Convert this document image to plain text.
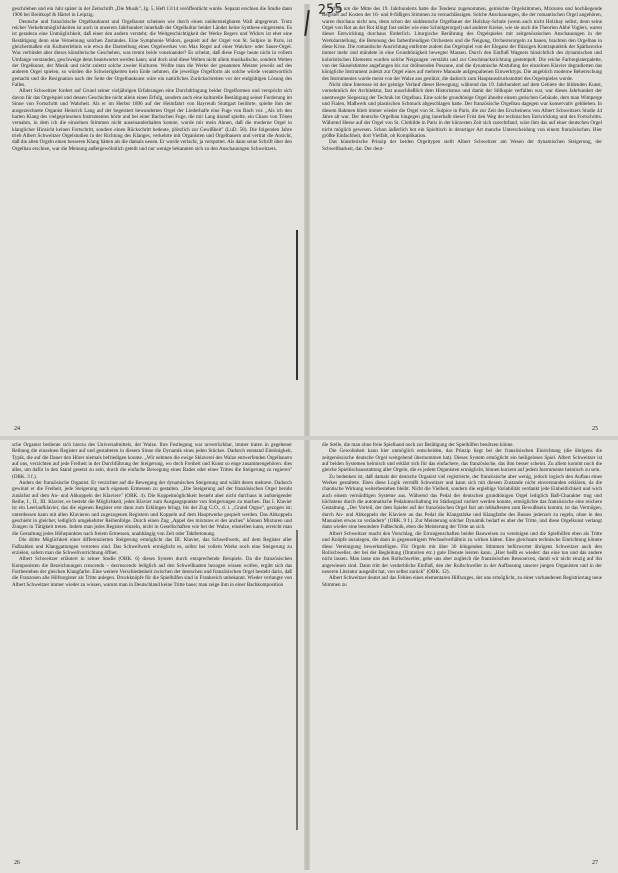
geschrieben und ein Jahr später in der Zeitschrift „Die Musik", Jg. 5, Heft 13/14 veröffentlicht wurde. Separat erschien die Studie dann 1906 bei Breitkopf & Härtel in Leipzig.

Deutsche und französische Orgelbaukunst und Orgelkunst scheinen wie durch einen unübersteigbaren Wall abgegrenzt. Trotz reicher Verkehrsmöglichkeiten ist auch in unserem Jahrhundert innerhalb der Orgelkultur beider Länder keine Synthese eingetreten. Es ist geradezu eine Unmöglichkeit, daß einer den andern versteht; die Weitgeschichtigkeit der Werke Regers und Widors ist eher eine Bestätigung denn eine Verneinung solchen Zustandes. Eine Symphonie Widors, gespielt auf der Orgel von St. Sulpice in Paris, ist gleichermaßen ein Kulturerlebnis wie etwa die Darstellung eines Orgelwerkes von Max Reger auf einer Walcker- oder Sauer-Orgel. Was verbindet aber dieses künstlerische Geschehen, was trennt beide voneinander? Es scheint, daß diese Frage heute nicht in vollem Umfange verstanden, geschweige denn beantwortet werden kann; und doch sind diese Welten nicht allein musikalische, sondern Welten der Orgelkunst, der Musik und nicht zuletzt solche zweier Kulturen. Wollte man die Werke der genannten Meister jeweils auf des anderen Orgel spielen, so würden die Schwierigkeiten kein Ende nehmen, die jeweilige Orgelform als solche würde verantwortlich gemacht und die Resignation nach der Seite der Orgelbaukunst wäre ein natürliches Zurückschreiten vor der endgültigen Lösung des Falles.

Albert Schweitzer fordert auf Grund seiner vieljährigen Erfahrungen eine Durchdringung beider Orgelformen und verspricht sich davon für das Orgelspiel und dessen Geschichte nicht allein einen Erfolg, sondern auch eine kulturelle Bestätigung seiner Forderung im Sinne von Fortschritt und Wahrheit. Als er im Herbst 1896 auf der Heimfahrt von Bayreuth Stuttgart berührte, spielte ihm der ausgezeichnete Organist Heinrich Lang auf der begeistert bewunderten Orgel der Liederhalle eine Fuge von Bach vor. „Als ich den harten Klang des vielgepriesenen Instrumentes hörte und bei einer Bachschen Fuge, die mir Lang darauf spielte, ein Chaos von Tönen vernahm, in dem ich die einzelnen Stimmen nicht auseinanderhalten konnte, wurde mir mein Ahnen, daß die moderne Orgel in klanglicher Hinsicht keinen Fortschritt, sondern einen Rückschritt bedeute, plötzlich zur Gewißheit" (LuD. 58). Die folgenden Jahre trieb Albert Schweitzer Orgelstudien in der Richtung des Klanges, verkehrte mit Organisten und Orgelbauern und vertrat die Ansicht, daß die alten Orgeln einen besseren Klang hätten als die damals neuen. Er wurde verlacht, ja verspottet. Als dann seine Schrift über den Orgelbau erschien, war die Meinung außergewöhnlich geteilt und nur wenige bekannten sich zu den Anschauungen Schweitzers.

24

Schon um die Mitte des 19. Jahrhunderts hatte die Tendenz zugenommen, gemischte Orgelstimmen, Mixturen und hochliegende Register auf Kosten der 16- und 8-füßigen Stimmen zu vernachlässigen. Solche Anschauungen, die der romantischen Orgel angehören, waren durchaus nicht neu, denn schon der süddeutsche Orgelbauer der Holzhay-Schule (wenn auch nicht Holzhay selbst, denn seine Orgel von Rot an der Rot klingt fast steiler wie eine Schnitgerorgel) und anderer Kreise, wie sie auch die Theorien Abbé Voglers, waren dieser Entwicklung durchaus förderlich. Liturgische Berührung des Orgelspieles mit zeitgenössischen Anschauungen in der Werkdarstellung, die Betonung des farbenfreudigen Orchesters und die Neigung, Orchesterorgeln zu bauen, brachten den Orgelbau in diese Krise. Die romantische Ausrichtung entfernte zudem das Orgelspiel von der Eleganz der flüssigen Kontrapunktik der Spätbarocke immer mehr und mündete in eine Grundtönigkeit bewegter Massen. Durch den Einfluß Wagners hinsichtlich des dynamischen und koloristischen Elements wurden solche Neigungen verstärkt und zur Geschmacksrichtung gestempelt. Die reiche Farbregisterpalette, von der Säuselstimme angefangen bis zur dröhnenden Posaune, und die dynamische Abstufung der einzelnen Klavier degradierten das königliche Instrument zuletzt zur Orgel eines auf mehrere Manuale aufgespaltenen Einwerktyps. Die angeblich moderne Beherrschung des Instrumentes wurde meist von der Walze aus gestützt, die dadurch zum Hauptausdrucksmittel des Orgelspieles wurde.

Nicht ohne Interesse ist der geistige Verlauf dieser Bewegung; während das 19. Jahrhundert auf dem Gebiete der bildenden Kunst, vornehmlich der Architektur, fast ausschließlich dem Historismus und damit der Stilkopie verfallen war, war dieses Jahrhundert der unentwegte Siegeszug der Technik im Orgelbau. Eine solche grundtönige Orgel ähnelte einem gotischen Gebäude, dem man Wimperge und Fialen, Maßwerk und plastischen Schmuck abgeschlagen hatte. Der französische Orgelbau dagegen war konservativ geblieben. In diesem Rahmen blieb immer wieder die Orgel von St. Sulpice in Paris, die zur Zeit des Erscheinens von Albert Schweitzers Studie 44 Jahre alt war. Der deutsche Orgelbau hingegen ging innerhalb dieser Frist den Weg der technischen Entwicklung und des Fortschritts. Während Hesse auf der Orgel von St. Clothilde in Paris in der kürzesten Zeit sich zurechtfand, wäre ihm das auf einer deutschen Orgel nicht möglich gewesen. Schon äußerlich bot ein Spieltisch in derartiger Art manche Unterscheidung von einem französischen. Hier größte Einfachheit, dort Vielfalt, ob Komplikation.

Das künstlerische Prinzip der beiden Orgeltypen stellt Albert Schweitzer am Wesen der dynamischen Steigerung, der Schwellbarkeit, dar. Der deut-

25
255

sche Organist bediente sich hierzu des Universalmittels, der Walze. Ihre Festlegung war unverrückbar, immer traten in gegebener Reihung die einzelnen Register auf und gestalteten in diesem Sinne die Dynamik eines jeden Stückes. Dadurch entstand Eintönigkeit, Typik, die auf die Dauer den Hörer niemals befriedigen konnte. „Wir nehmen die ewige Sklaverei des Walze entwerfenden Orgelbauers auf uns, verzichten auf jede Freiheit in der Durchführung der Steigerung, wo doch Freiheit und Kunst so enge zusammengehören: dies alles, um dafür in den Stand gesetzt zu sein, durch die einfache Bewegung eines Rades oder eines Trittes die Steigerung zu regieren" (OBK. 3 f.).

Anders der französische Organist. Er verzichtet auf die Bewegung der dynamischen Steigerung und wählt deren mehrere. Dadurch gewinnt er die Freiheit, jede Steigerung nach eigenem Ermessen zu gestalten. „Die Steigerung auf der französischen Orgel beruht zunächst auf dem An- und Abkoppeln der Klaviere" (OBK. 4). Die Koppelmöglichkeit besteht aber nicht durchaus in aufsteigender Reihe, I., II., III. Klavier, es besteht die Möglichkeit, jedes Klavier zum Ausgangspunkte von Steigerungen zu machen. Das I. Klavier ist ein Leerlaufklavier, das die eigenen Register erst dann zum Erklingen bringt, bis der Zug G.O., d. i. „Grand Orgue", gezogen ist; unterdessen kann mit allen Klavieren und zugezogenen Registern und Koppeln auf dem Hauptwerke gespielt werden. Das Abkoppeln geschieht in gleicher, lediglich umgekehrter Reihenfolge. Durch einen Zug „Appel des mixtures et des anches" können Mixturen und Zungen in Tätigkeit treten. Indem man jedes Register einzeln, nicht in Gesellschaften wie bei der Walze, einstellen kann, erreicht man die Gestaltung jedes Höhepunktes nach freiem Ermessen, unabhängig von Zeit oder Taktbetonung.

Die dritte Möglichkeit einer differenzierten Steigerung ermöglicht das III. Klavier, das Schwellwerk, auf dem Register aller Fußzahlen und Klanggattungen vertreten sind. Das Schwellwerk ermöglicht es, selbst bei vollem Werke noch eine Steigerung zu erzielen, sofern man die Schwellvorrichtung öffnet.

Albert Schweitzer erläutert in seiner Studie (OBK. 6) dieses System durch entsprechende Beispiele. Da die französischen Komponisten die Bezeichnungen crescendo – decrescendo lediglich auf den Schwellkasten bezogen wissen wollen, ergibt sich das Fortbestehen der gleichen Klangfarbe. Eine weitere Verschiedenheit zwischen der deutschen und französischen Orgel besteht darin, daß die Franzosen alle Hilfsregister als Tritte anlegen. Druckknöpfe für die Spielhilfen sind in Frankreich unbekannt. Wieder verlangte von Albert Schweitzer immer wieder zu wissen, warum man in Deutschland keine Tritte baue; man zeige ihm in einer Bachkomposition

26

die Stelle, die man ohne freie Spielhand noch zur Betätigung der Spielhilfen benötzen könne.

Die Gewohnheit kann hier unmöglich entscheiden, das Prinzip liegt bei der französischen Einrichtung (die übrigens die zeitgenössische deutsche Orgel weitgehend übernommen hat). Dieses System ermöglicht ein heiligeloses Spiel. Albert Schweitzer ist auf beiden Systemen heimisch und erklärt sich für das einfachere, das französische, das ihm besser scheint. Zu allem kommt noch die gleiche Spieltischausstattung aller Orgeln, die es jedem Organisten ermöglicht, binnen kurzem auf jedem Instrumente heimisch zu sein.

Zu bedenken ist, daß damals der deutsche Organist viel registrierte, der französische aber wenig, jedoch logisch den Aufbau eines Werkes gestaltete. Eben diese Logik vermißt Schweitzer und kann sich mit diesem Zustande nicht einverstanden erklären, da die chaotische Wirkung weiterbestehen bleibt. Nicht die Vielheit, sondern die ergiebige Variabilität verdankt jede Einheitlichkeit und wich auch einem vernünftigen Systeme aus. Während das Pedal der deutschen grundtönigen Orgel lediglich Baß-Charakter trug und höchstens durch die automatische Pedalumschaltung im Stärkegrad variiert werden konnte, ermöglichte das französische eine reichere Gestaltung. „Der Vorteil, der dem Spieler auf der französischen Orgel fast am lebhaftesten zum Bewußtsein kommt, ist das Vermögen, durch An- und Abkoppeln der Klaviere an das Pedal die Klangstärke und Klangfarbe des Basses jederzeit zu regeln, ohne in den Manualen etwas zu verändern" (OBK. 9 f.). Zur Meisterung solcher Dynamik bedarf es aber der Tritte, und diese Orgelkunst verlangt dann wieder eine besondere Fußtechnik, eben die Meisterung der Tritte an sich.

Albert Schweitzer macht den Vorschlag, die Errungenschaften beider Bauweisen zu vereinigen und die Spielhilfen eben als Tritte und Knöpfe anzulegen, die dann in gegenseitigem Wechselverhältnis zu wirken hätten. Eine gleichsam technische Einrichtung könnte diese Vereinigung bewerkstelligen. Für Orgeln mit über 30 klingenden Stimmen befürwortet übrigens Schweitzer auch den Rollschweller, der bei der Begleitung (Oratorien etc.) gute Dienste leisten kann. „Hier heißt es wieder: das eine tun und das andere nicht lassen. Man lasse uns den Rollschweller, gebe uns aber zugleich die französischen Ressourcen, damit wir nicht einzig auf ihn angewiesen sind. Dann tritt der verderbliche Einfluß, den der Rollschweller in der Auffassung unserer jungen Organisten und in der neueren Literatur ausgeübt hat, von selbst zurück" (OBK. 12).

Albert Schweitzer deutet auf das Fehlen eines elementaren Hilfszuges, der uns ermöglicht, zu einer vorhandenen Registrierung neue Stimmen zu

27
